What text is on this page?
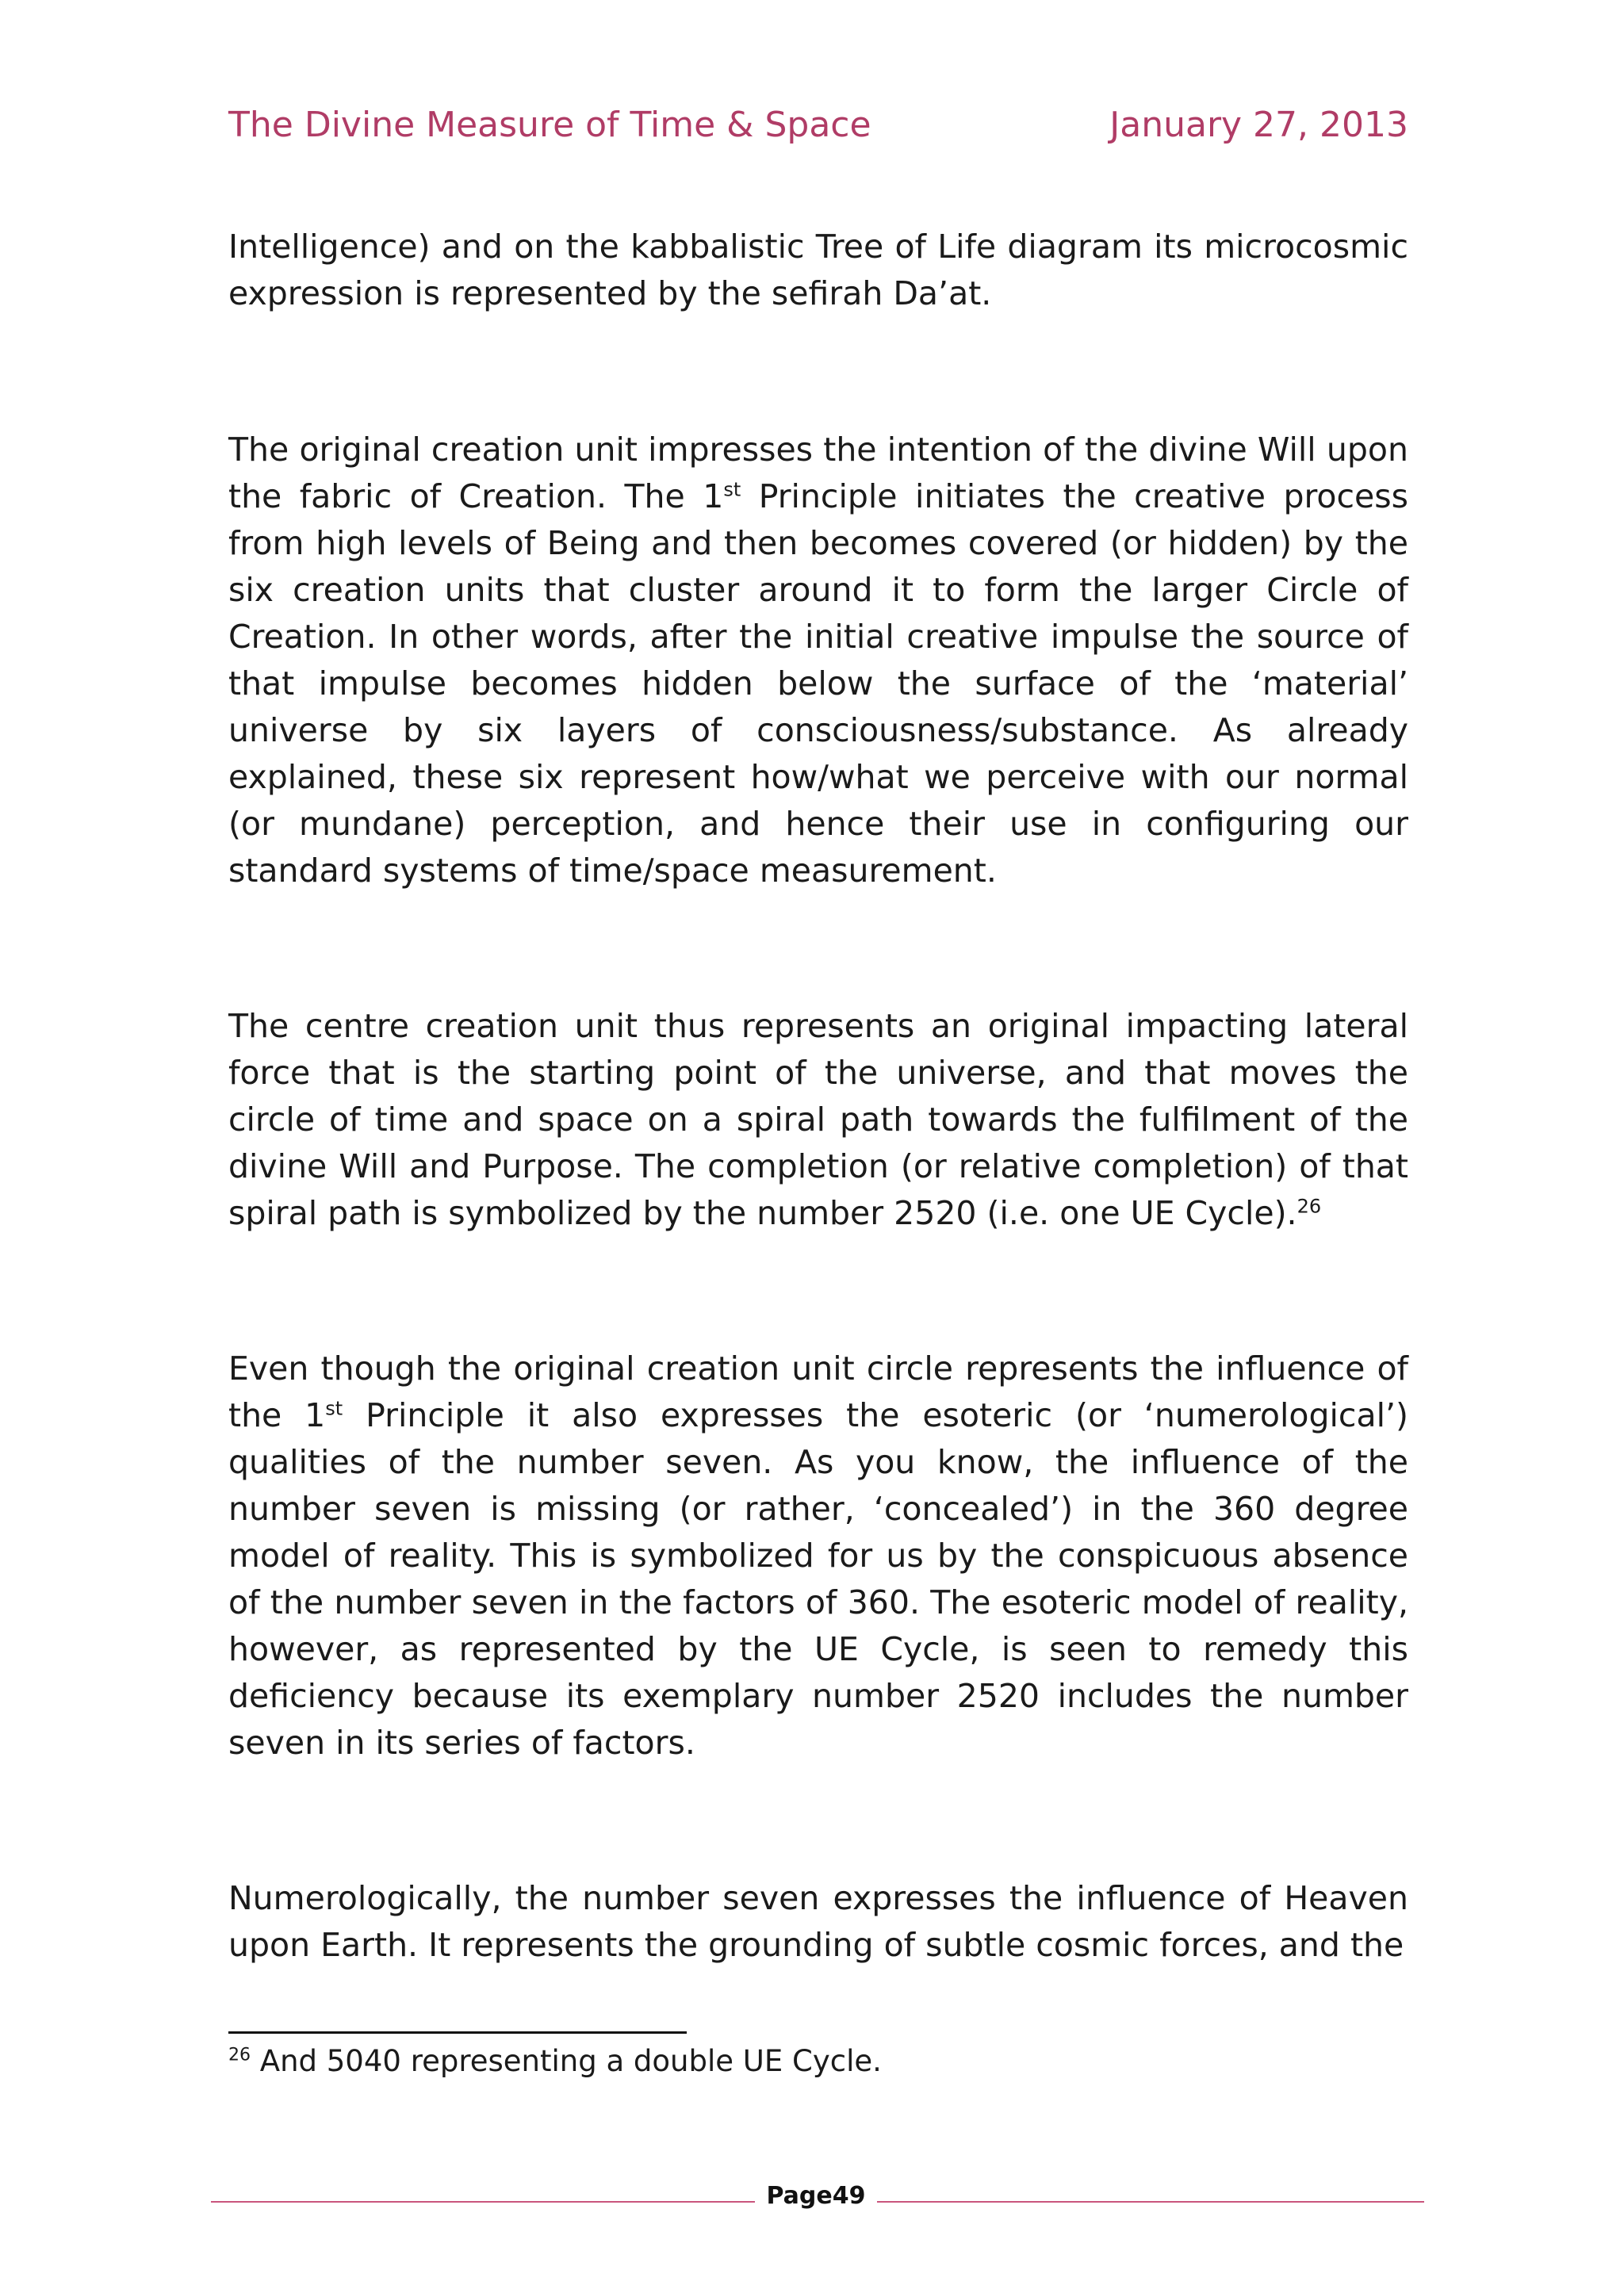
The Divine Measure of Time & Space	January 27, 2013

Intelligence) and on the kabbalistic Tree of Life diagram its microcosmic expression is represented by the sefirah Da’at.

The original creation unit impresses the intention of the divine Will upon the fabric of Creation. The 1st Principle initiates the creative process from high levels of Being and then becomes covered (or hidden) by the six creation units that cluster around it to form the larger Circle of Creation. In other words, after the initial creative impulse the source of that impulse becomes hidden below the surface of the ‘material’ universe by six layers of consciousness/substance. As already explained, these six represent how/what we perceive with our normal (or mundane) perception, and hence their use in configuring our standard systems of time/space measurement.

The centre creation unit thus represents an original impacting lateral force that is the starting point of the universe, and that moves the circle of time and space on a spiral path towards the fulfilment of the divine Will and Purpose. The completion (or relative completion) of that spiral path is symbolized by the number 2520 (i.e. one UE Cycle).$^{26}$

Even though the original creation unit circle represents the influence of the 1st Principle it also expresses the esoteric (or ‘numerological’) qualities of the number seven. As you know, the influence of the number seven is missing (or rather, ‘concealed’) in the 360 degree model of reality. This is symbolized for us by the conspicuous absence of the number seven in the factors of 360. The esoteric model of reality, however, as represented by the UE Cycle, is seen to remedy this deficiency because its exemplary number 2520 includes the number seven in its series of factors.

Numerologically, the number seven expresses the influence of Heaven upon Earth. It represents the grounding of subtle cosmic forces, and the

$^{26}$ And 5040 representing a double UE Cycle.
Page49
